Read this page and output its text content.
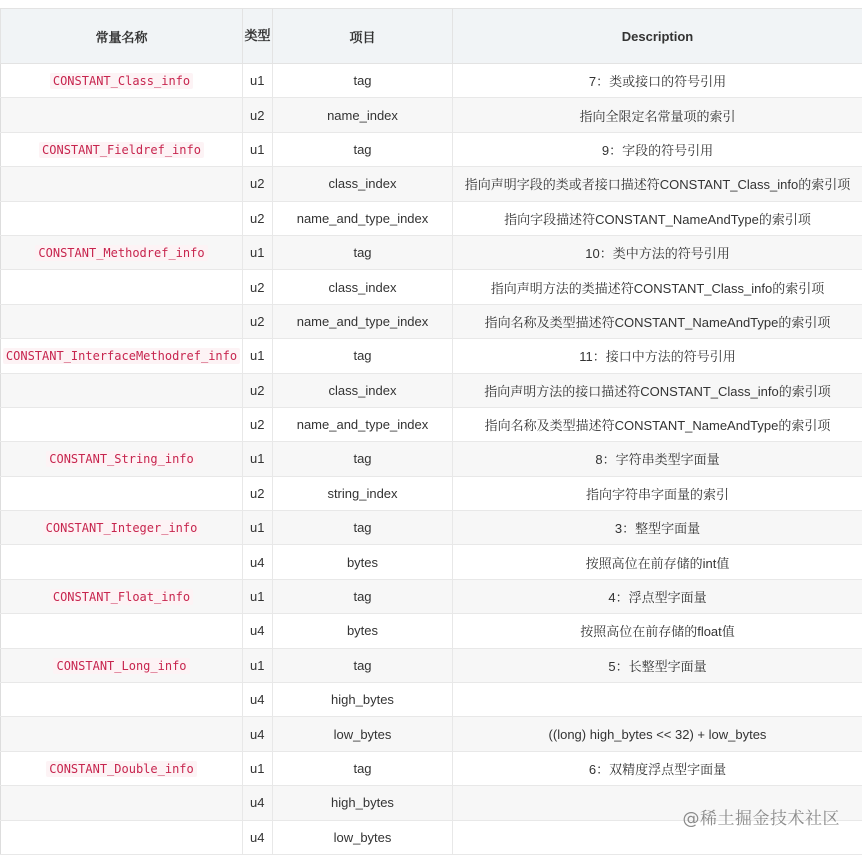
常量名称	类型	项目	Description
CONSTANT_Class_info	u1	tag	7：类或接口的符号引用
	u2	name_index	指向全限定名常量项的索引
CONSTANT_Fieldref_info	u1	tag	9：字段的符号引用
	u2	class_index	指向声明字段的类或者接口描述符CONSTANT_Class_info的索引项
	u2	name_and_type_index	指向字段描述符CONSTANT_NameAndType的索引项
CONSTANT_Methodref_info	u1	tag	10：类中方法的符号引用
	u2	class_index	指向声明方法的类描述符CONSTANT_Class_info的索引项
	u2	name_and_type_index	指向名称及类型描述符CONSTANT_NameAndType的索引项
CONSTANT_InterfaceMethodref_info	u1	tag	11：接口中方法的符号引用
	u2	class_index	指向声明方法的接口描述符CONSTANT_Class_info的索引项
	u2	name_and_type_index	指向名称及类型描述符CONSTANT_NameAndType的索引项
CONSTANT_String_info	u1	tag	8：字符串类型字面量
	u2	string_index	指向字符串字面量的索引
CONSTANT_Integer_info	u1	tag	3：整型字面量
	u4	bytes	按照高位在前存储的int值
CONSTANT_Float_info	u1	tag	4：浮点型字面量
	u4	bytes	按照高位在前存储的float值
CONSTANT_Long_info	u1	tag	5：长整型字面量
	u4	high_bytes	
	u4	low_bytes	((long) high_bytes << 32) + low_bytes
CONSTANT_Double_info	u1	tag	6：双精度浮点型字面量
	u4	high_bytes	
	u4	low_bytes	
@稀土掘金技术社区
